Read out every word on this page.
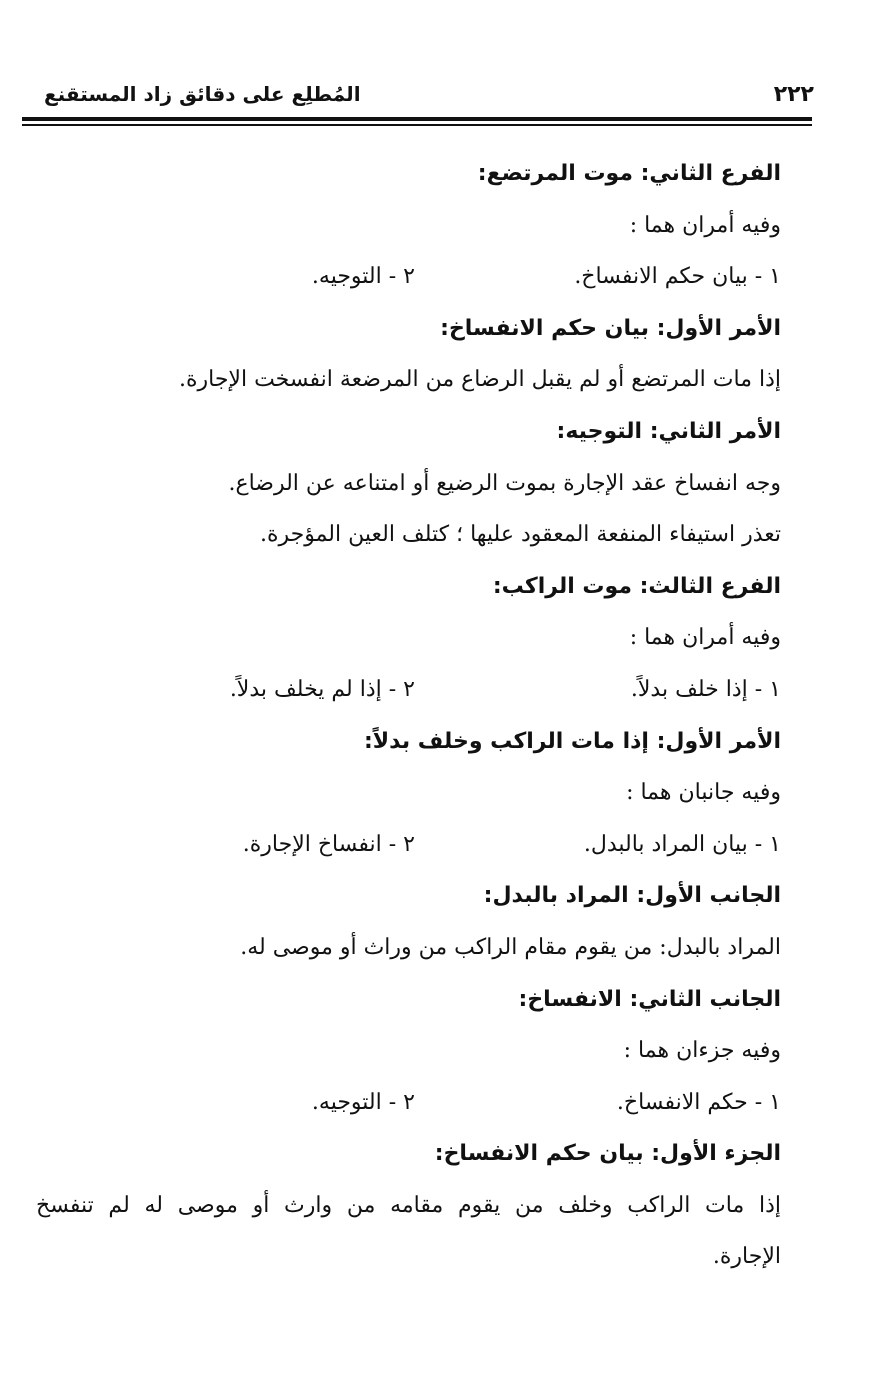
٢٢٢
المُطلِع على دقائق زاد المستقنع
الفرع الثاني: موت المرتضع:
وفيه أمران هما :
١ - بيان حكم الانفساخ.
٢ - التوجيه.
الأمر الأول: بيان حكم الانفساخ:
إذا مات المرتضع أو لم يقبل الرضاع من المرضعة انفسخت الإجارة.
الأمر الثاني: التوجيه:
وجه انفساخ عقد الإجارة بموت الرضيع أو امتناعه عن الرضاع.
تعذر استيفاء المنفعة المعقود عليها ؛ كتلف العين المؤجرة.
الفرع الثالث: موت الراكب:
وفيه أمران هما :
١ - إذا خلف بدلاً.
٢ - إذا لم يخلف بدلاً.
الأمر الأول: إذا مات الراكب وخلف بدلاً:
وفيه جانبان هما :
١ - بيان المراد بالبدل.
٢ - انفساخ الإجارة.
الجانب الأول: المراد بالبدل:
المراد بالبدل: من يقوم مقام الراكب من وراث أو موصى له.
الجانب الثاني: الانفساخ:
وفيه جزءان هما :
١ - حكم الانفساخ.
٢ - التوجيه.
الجزء الأول: بيان حكم الانفساخ:
إذا مات الراكب وخلف من يقوم مقامه من وارث أو موصى له لم تنفسخ
الإجارة.
